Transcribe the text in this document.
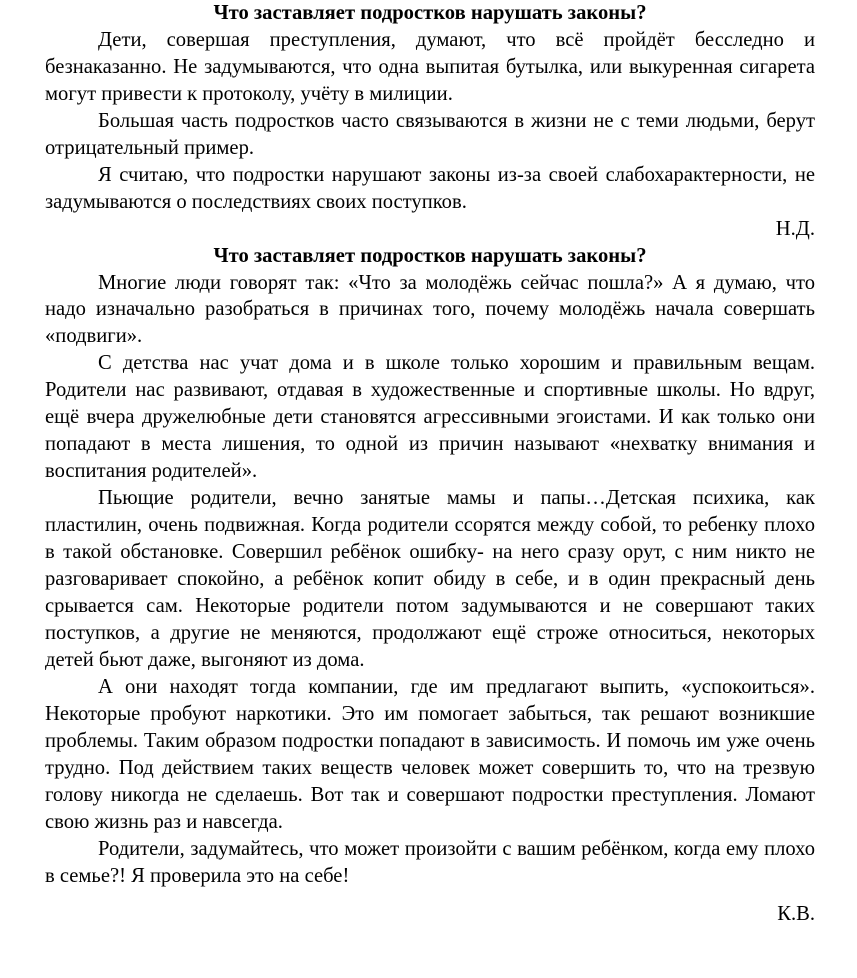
Что заставляет подростков нарушать законы?
Дети, совершая преступления, думают, что всё пройдёт бесследно и безнаказанно. Не задумываются, что одна выпитая бутылка, или выкуренная сигарета могут привести к протоколу, учёту в милиции.
Большая часть подростков часто связываются в жизни не с теми людьми, берут отрицательный пример.
Я считаю, что подростки нарушают законы из-за своей слабохарактерности, не задумываются о последствиях своих поступков.
Н.Д.
Что заставляет подростков нарушать законы?
Многие люди говорят так: «Что за молодёжь сейчас пошла?» А я думаю, что надо изначально разобраться в причинах того, почему молодёжь начала совершать «подвиги».
С детства нас учат дома и в школе только хорошим и правильным вещам. Родители нас развивают, отдавая в художественные и спортивные школы. Но вдруг, ещё вчера дружелюбные дети становятся агрессивными эгоистами. И как только они попадают в места лишения, то одной из причин называют «нехватку внимания и воспитания родителей».
Пьющие родители, вечно занятые мамы и папы…Детская психика, как пластилин, очень подвижная. Когда родители ссорятся между собой, то ребенку плохо в такой обстановке. Совершил ребёнок ошибку- на него сразу орут, с ним никто не разговаривает спокойно, а ребёнок копит обиду в себе, и в один прекрасный день срывается сам. Некоторые родители потом задумываются и не совершают таких поступков, а другие не меняются, продолжают ещё строже относиться, некоторых детей бьют даже, выгоняют из дома.
А они находят тогда компании, где им предлагают выпить, «успокоиться». Некоторые пробуют наркотики. Это им помогает забыться, так решают возникшие проблемы. Таким образом подростки попадают в зависимость. И помочь им уже очень трудно. Под действием таких веществ человек может совершить то, что на трезвую голову никогда не сделаешь. Вот так и совершают подростки преступления. Ломают свою жизнь раз и навсегда.
Родители, задумайтесь, что может произойти с вашим ребёнком, когда ему плохо в семье?! Я проверила это на себе!
К.В.
